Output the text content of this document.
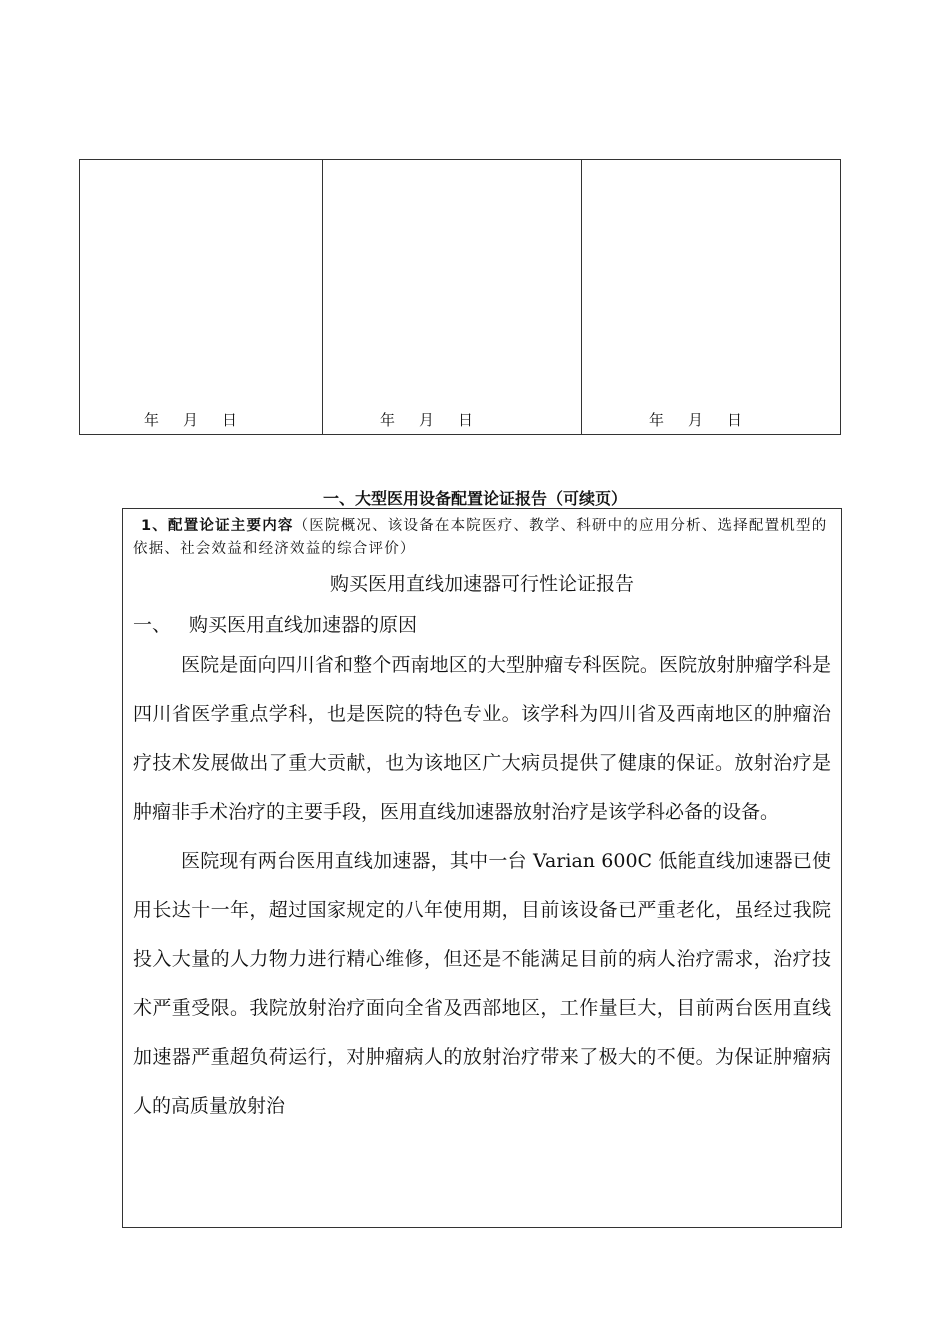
年 月 日	年 月 日	年 月 日
一、大型医用设备配置论证报告（可续页）
1、配置论证主要内容（医院概况、该设备在本院医疗、教学、科研中的应用分析、选择配置机型的依据、社会效益和经济效益的综合评价）
购买医用直线加速器可行性论证报告
一、 购买医用直线加速器的原因

医院是面向四川省和整个西南地区的大型肿瘤专科医院。医院放射肿瘤学科是四川省医学重点学科，也是医院的特色专业。该学科为四川省及西南地区的肿瘤治疗技术发展做出了重大贡献，也为该地区广大病员提供了健康的保证。放射治疗是肿瘤非手术治疗的主要手段，医用直线加速器放射治疗是该学科必备的设备。

医院现有两台医用直线加速器，其中一台 Varian 600C 低能直线加速器已使用长达十一年，超过国家规定的八年使用期，目前该设备已严重老化，虽经过我院投入大量的人力物力进行精心维修，但还是不能满足目前的病人治疗需求，治疗技术严重受限。我院放射治疗面向全省及西部地区，工作量巨大，目前两台医用直线加速器严重超负荷运行，对肿瘤病人的放射治疗带来了极大的不便。为保证肿瘤病人的高质量放射治
